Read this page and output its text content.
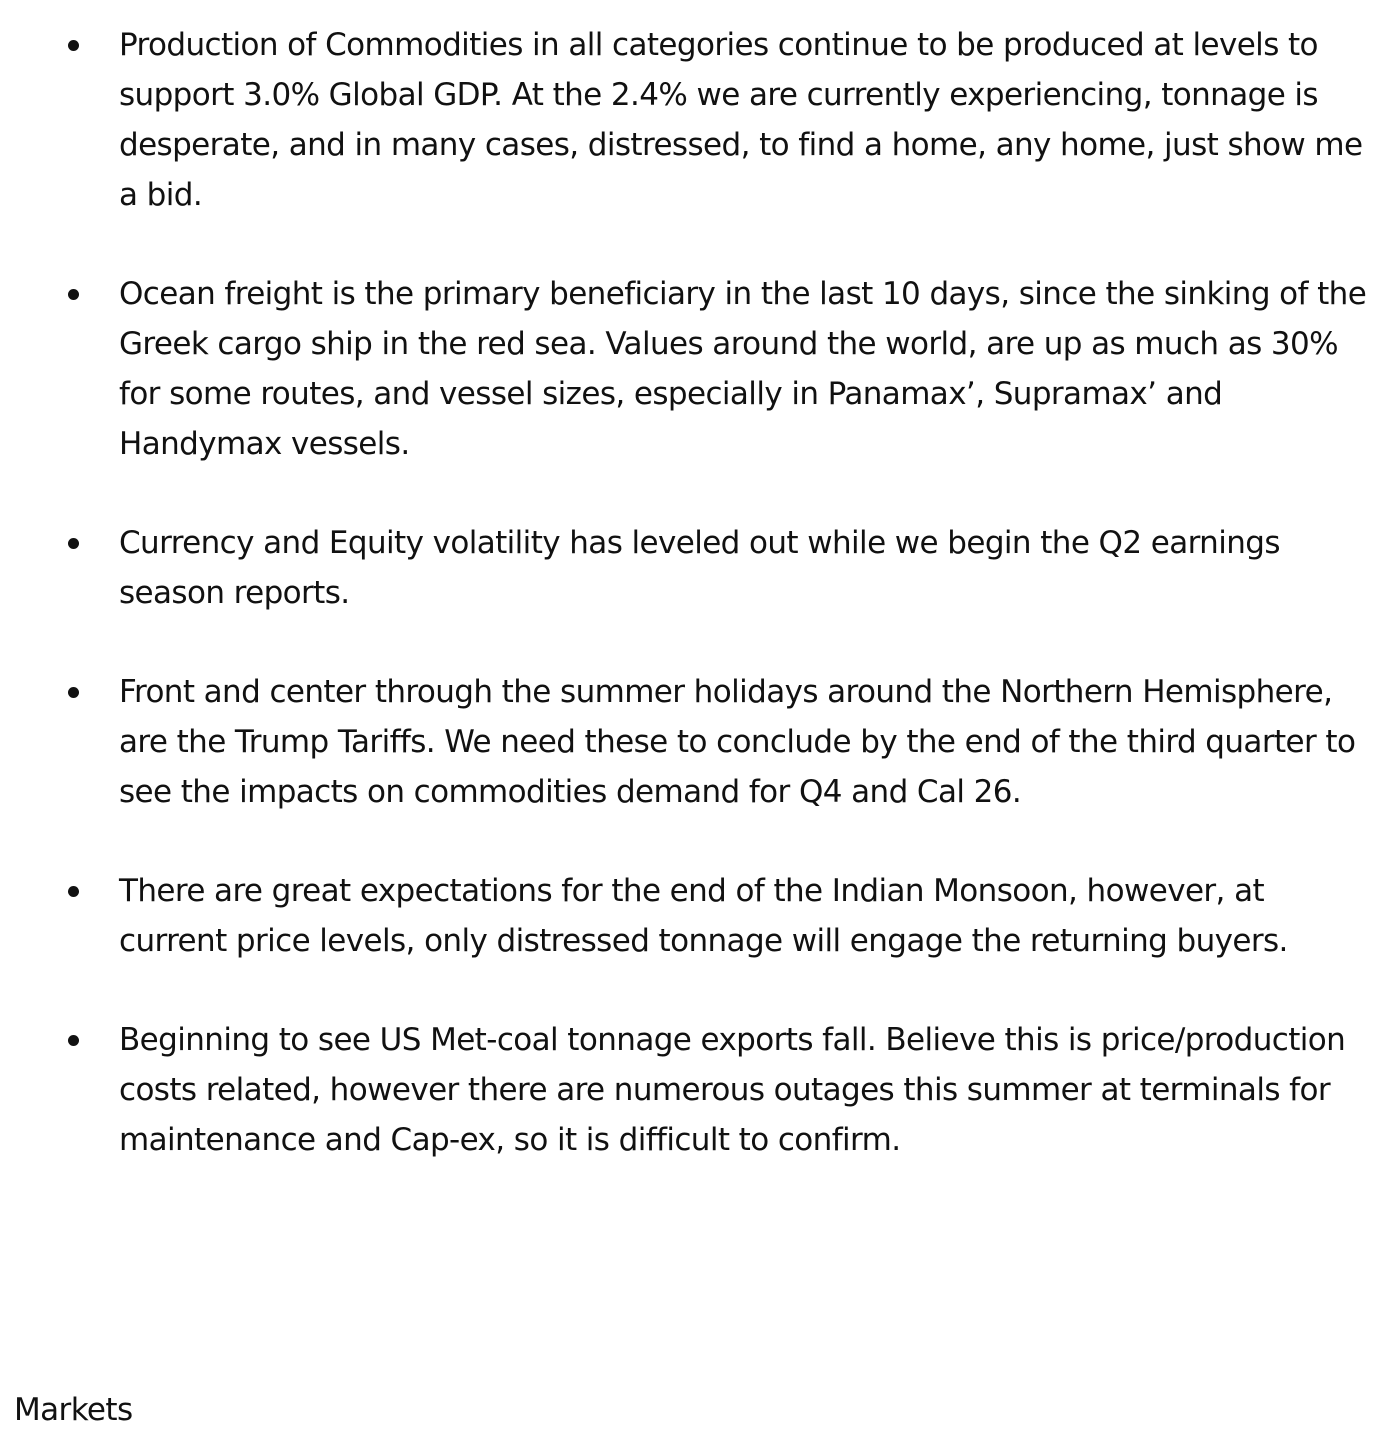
Production of Commodities in all categories continue to be produced at levels to support 3.0% Global GDP. At the 2.4% we are currently experiencing, tonnage is desperate, and in many cases, distressed, to find a home, any home, just show me a bid.
Ocean freight is the primary beneficiary in the last 10 days, since the sinking of the Greek cargo ship in the red sea. Values around the world, are up as much as 30% for some routes, and vessel sizes, especially in Panamax’, Supramax’ and Handymax vessels.
Currency and Equity volatility has leveled out while we begin the Q2 earnings season reports.
Front and center through the summer holidays around the Northern Hemisphere, are the Trump Tariffs. We need these to conclude by the end of the third quarter to see the impacts on commodities demand for Q4 and Cal 26.
There are great expectations for the end of the Indian Monsoon, however, at current price levels, only distressed tonnage will engage the returning buyers.
Beginning to see US Met-coal tonnage exports fall. Believe this is price/production costs related, however there are numerous outages this summer at terminals for maintenance and Cap-ex, so it is difficult to confirm.
Markets
